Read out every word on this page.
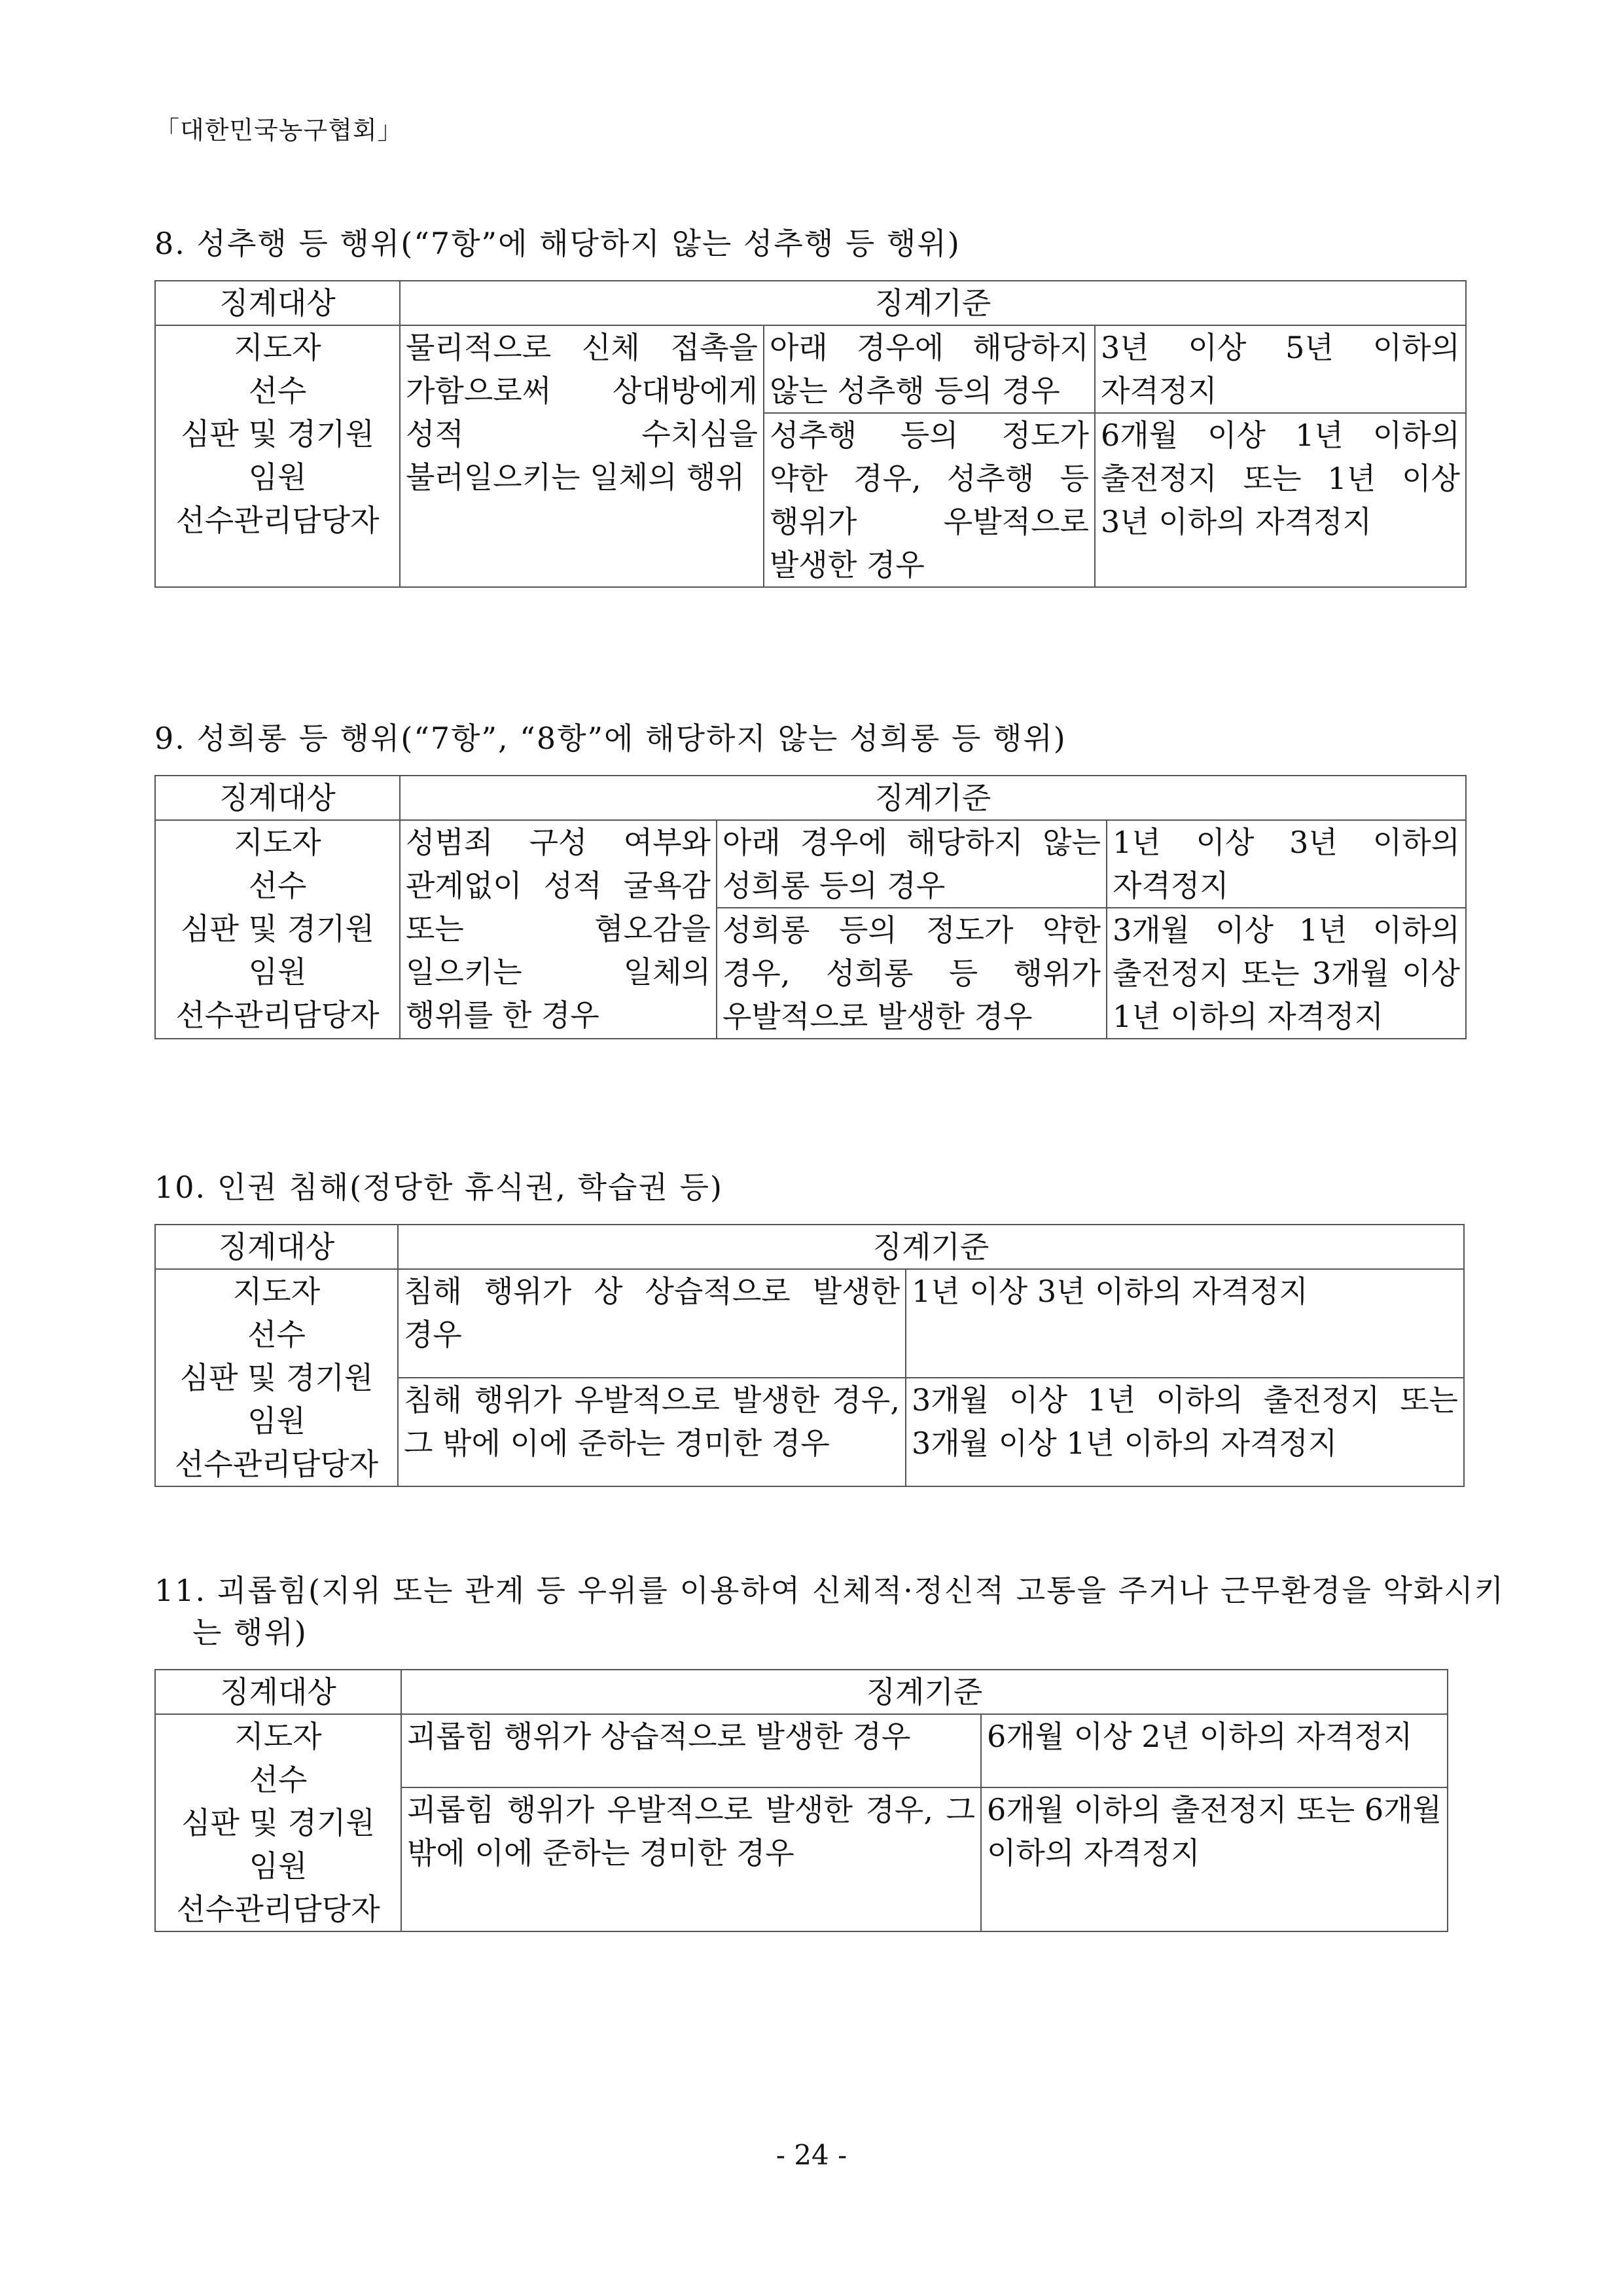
「대한민국농구협회」

8. 성추행 등 행위(“7항”에 해당하지 않는 성추행 등 행위)

징계대상	징계기준		

지도자
선수
심판 및 경기원
임원
선수관리담당자	물리적으로 신체 접촉을 가함으로써 상대방에게 성적 수치심을 불러일으키는 일체의 행위	아래 경우에 해당하지 않는 성추행 등의 경우	3년 이상 5년 이하의 자격정지
		성추행 등의 정도가 약한 경우, 성추행 등 행위가 우발적으로 발생한 경우	6개월 이상 1년 이하의 출전정지 또는 1년 이상 3년 이하의 자격정지

9. 성희롱 등 행위(“7항”, “8항”에 해당하지 않는 성희롱 등 행위)

징계대상	징계기준		

지도자
선수
심판 및 경기원
임원
선수관리담당자	성범죄 구성 여부와 관계없이 성적 굴욕감 또는 혐오감을 일으키는 일체의 행위를 한 경우	아래 경우에 해당하지 않는 성희롱 등의 경우	1년 이상 3년 이하의 자격정지
		성희롱 등의 정도가 약한 경우, 성희롱 등 행위가 우발적으로 발생한 경우	3개월 이상 1년 이하의 출전정지 또는 3개월 이상 1년 이하의 자격정지

10. 인권 침해(정당한 휴식권, 학습권 등)

징계대상	징계기준	

지도자
선수
심판 및 경기원
임원
선수관리담당자	침해 행위가 상 상습적으로 발생한 경우	1년 이상 3년 이하의 자격정지
	침해 행위가 우발적으로 발생한 경우, 그 밖에 이에 준하는 경미한 경우	3개월 이상 1년 이하의 출전정지 또는 3개월 이상 1년 이하의 자격정지

11. 괴롭힘(지위 또는 관계 등 우위를 이용하여 신체적·정신적 고통을 주거나 근무환경을 악화시키는 행위)

징계대상	징계기준	

지도자
선수
심판 및 경기원
임원
선수관리담당자	괴롭힘 행위가 상습적으로 발생한 경우	6개월 이상 2년 이하의 자격정지
	괴롭힘 행위가 우발적으로 발생한 경우, 그 밖에 이에 준하는 경미한 경우	6개월 이하의 출전정지 또는 6개월 이하의 자격정지
- 24 -
